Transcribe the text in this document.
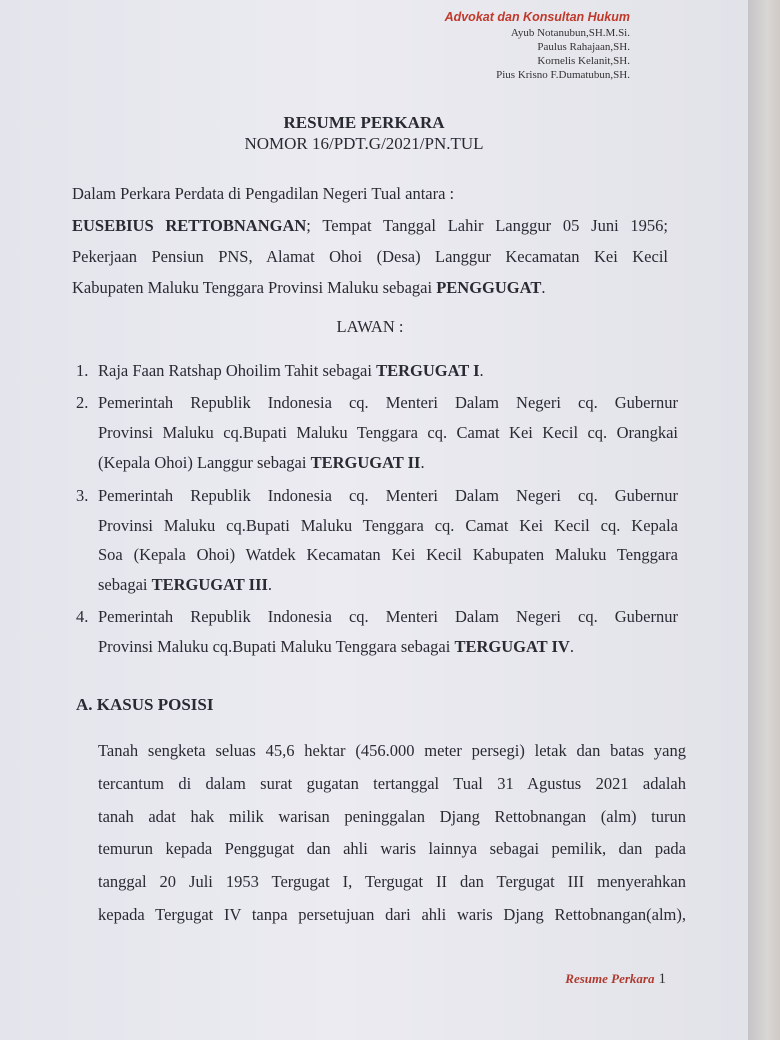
Advokat dan Konsultan Hukum
Ayub Notanubun,SH.M.Si.
Paulus Rahajaan,SH.
Kornelis Kelanit,SH.
Pius Krisno F.Dumatubun,SH.
RESUME PERKARA
NOMOR 16/PDT.G/2021/PN.TUL
Dalam Perkara Perdata di Pengadilan Negeri Tual antara :
EUSEBIUS RETTOBNANGAN; Tempat Tanggal Lahir Langgur 05 Juni 1956;
Pekerjaan Pensiun PNS, Alamat Ohoi (Desa) Langgur Kecamatan Kei Kecil
Kabupaten Maluku Tenggara Provinsi Maluku sebagai PENGGUGAT.
LAWAN :
1. Raja Faan Ratshap Ohoilim Tahit sebagai TERGUGAT I.
2. Pemerintah Republik Indonesia cq. Menteri Dalam Negeri cq. Gubernur
Provinsi Maluku cq.Bupati Maluku Tenggara cq. Camat Kei Kecil cq. Orangkai
(Kepala Ohoi) Langgur sebagai TERGUGAT II.
3. Pemerintah Republik Indonesia cq. Menteri Dalam Negeri cq. Gubernur
Provinsi Maluku cq.Bupati Maluku Tenggara cq. Camat Kei Kecil cq. Kepala
Soa (Kepala Ohoi) Watdek Kecamatan Kei Kecil Kabupaten Maluku Tenggara
sebagai TERGUGAT III.
4. Pemerintah Republik Indonesia cq. Menteri Dalam Negeri cq. Gubernur
Provinsi Maluku cq.Bupati Maluku Tenggara sebagai TERGUGAT IV.
A. KASUS POSISI
Tanah sengketa seluas 45,6 hektar (456.000 meter persegi) letak dan batas yang
tercantum di dalam surat gugatan tertanggal Tual 31 Agustus 2021 adalah
tanah adat hak milik warisan peninggalan Djang Rettobnangan (alm) turun
temurun kepada Penggugat dan ahli waris lainnya sebagai pemilik, dan pada
tanggal 20 Juli 1953 Tergugat I, Tergugat II dan Tergugat III menyerahkan
kepada Tergugat IV tanpa persetujuan dari ahli waris Djang Rettobnangan(alm),
Resume Perkara 1
